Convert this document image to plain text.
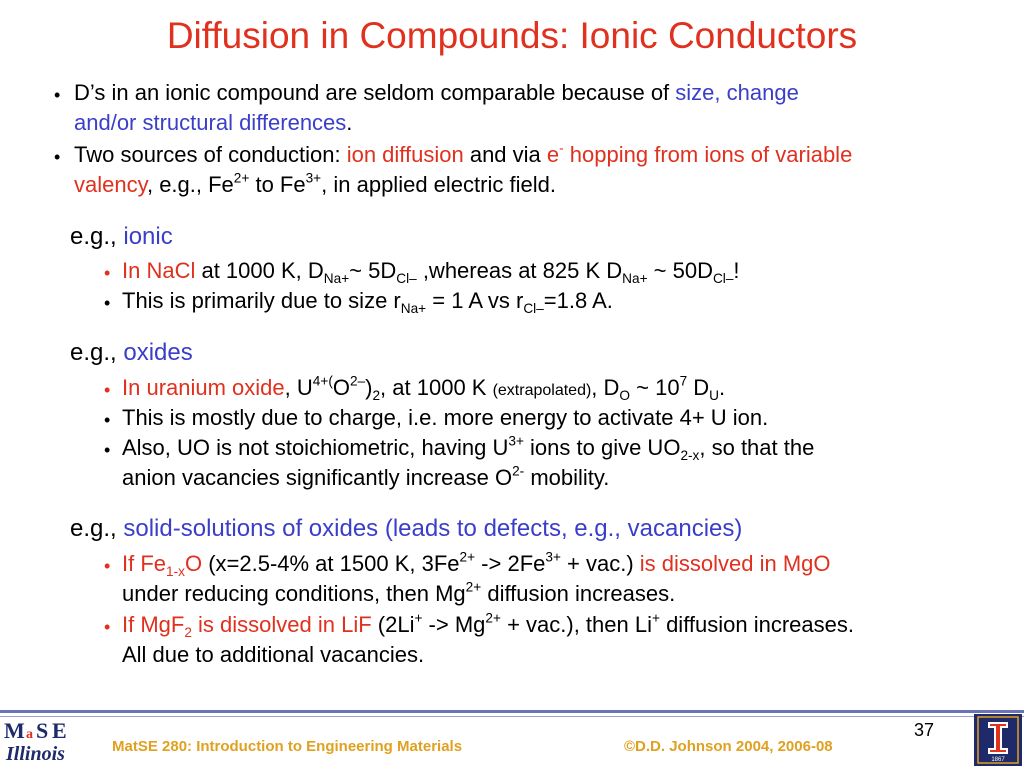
Diffusion in Compounds: Ionic Conductors
• D’s in an ionic compound are seldom comparable because of size, change
and/or structural differences.
• Two sources of conduction: ion diffusion and via e- hopping from ions of variable
valency, e.g., $Fe^{2+}$ to $Fe^{3+}$, in applied electric field.
e.g., ionic
• In NaCl at 1000 K, $D_{Na+}\sim$ $5D_{Cl-}$ ,whereas at 825 K $D_{Na+}$ ~ $50D_{Cl-}$!
• This is primarily due to size $r_{Na+} = 1$ A vs $r_{Cl-}=1.8$ A.
e.g., oxides
• In uranium oxide, $U^{4+(}O^{2-})_2$, at 1000 K (extrapolated), $D_O$ ~ $10^7$ $D_U$.
• This is mostly due to charge, i.e. more energy to activate 4+ U ion.
• Also, UO is not stoichiometric, having $U^{3+}$ ions to give $UO_{2-x}$, so that the
anion vacancies significantly increase $O^{2-}$ mobility.
e.g., solid-solutions of oxides (leads to defects, e.g., vacancies)
• If $Fe_{1-x}O$ (x=2.5-4% at 1500 K, $3Fe^{2+} -> 2Fe^{3+} + vac$.) is dissolved in MgO
under reducing conditions, then $Mg^{2+}$ diffusion increases.
• If MgF$_2$ is dissolved in LiF $(2Li^+ -> Mg^{2+} + vac.)$, then Li+ diffusion increases.
All due to additional vacancies.
M a S E
Illinois	MatSE 280: Introduction to Engineering Materials	©D.D. Johnson 2004, 2006-08
37
1867
